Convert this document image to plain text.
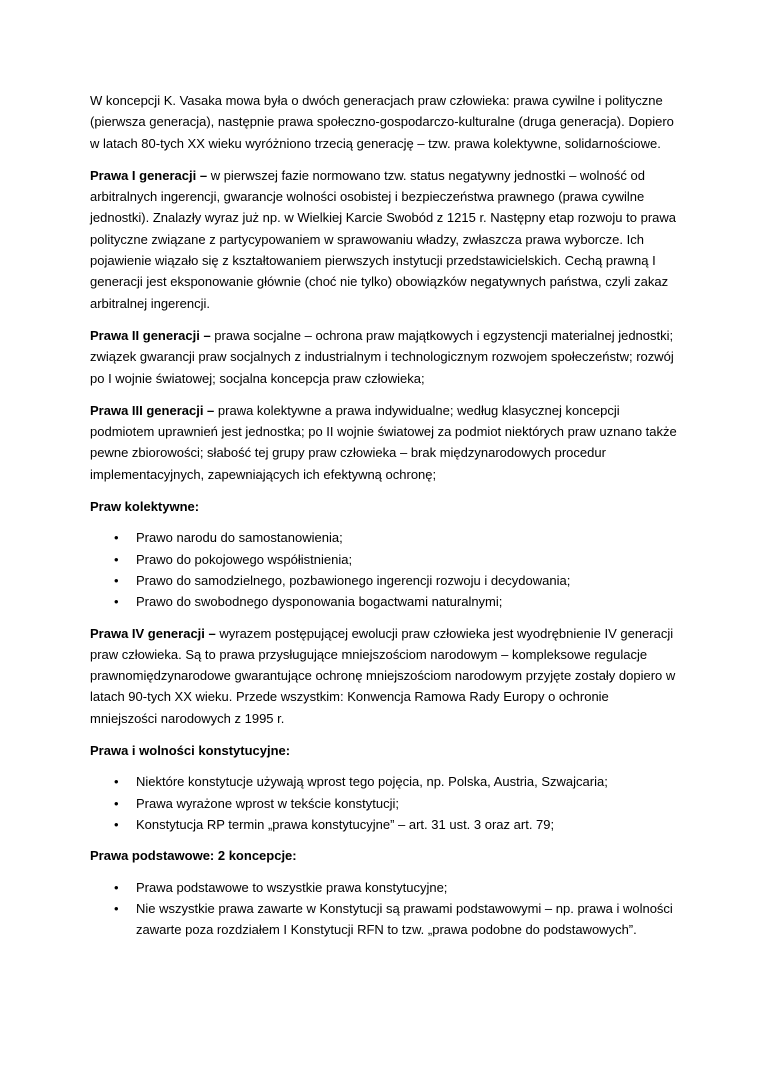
W koncepcji K. Vasaka mowa była o dwóch generacjach praw człowieka: prawa cywilne i polityczne (pierwsza generacja), następnie prawa społeczno-gospodarczo-kulturalne (druga generacja). Dopiero w latach 80-tych XX wieku wyróżniono trzecią generację – tzw. prawa kolektywne, solidarnościowe.

Prawa I generacji – w pierwszej fazie normowano tzw. status negatywny jednostki – wolność od arbitralnych ingerencji, gwarancje wolności osobistej i bezpieczeństwa prawnego (prawa cywilne jednostki). Znalazły wyraz już np. w Wielkiej Karcie Swobód z 1215 r. Następny etap rozwoju to prawa polityczne związane z partycypowaniem w sprawowaniu władzy, zwłaszcza prawa wyborcze. Ich pojawienie wiązało się z kształtowaniem pierwszych instytucji przedstawicielskich. Cechą prawną I generacji jest eksponowanie głównie (choć nie tylko) obowiązków negatywnych państwa, czyli zakaz arbitralnej ingerencji.

Prawa II generacji – prawa socjalne – ochrona praw majątkowych i egzystencji materialnej jednostki; związek gwarancji praw socjalnych z industrialnym i technologicznym rozwojem społeczeństw; rozwój po I wojnie światowej; socjalna koncepcja praw człowieka;

Prawa III generacji – prawa kolektywne a prawa indywidualne; według klasycznej koncepcji podmiotem uprawnień jest jednostka; po II wojnie światowej za podmiot niektórych praw uznano także pewne zbiorowości; słabość tej grupy praw człowieka – brak międzynarodowych procedur implementacyjnych, zapewniających ich efektywną ochronę;

Praw kolektywne:

• Prawo narodu do samostanowienia;
• Prawo do pokojowego współistnienia;
• Prawo do samodzielnego, pozbawionego ingerencji rozwoju i decydowania;
• Prawo do swobodnego dysponowania bogactwami naturalnymi;

Prawa IV generacji – wyrazem postępującej ewolucji praw człowieka jest wyodrębnienie IV generacji praw człowieka. Są to prawa przysługujące mniejszościom narodowym – kompleksowe regulacje prawnomiędzynarodowe gwarantujące ochronę mniejszościom narodowym przyjęte zostały dopiero w latach 90-tych XX wieku. Przede wszystkim: Konwencja Ramowa Rady Europy o ochronie mniejszości narodowych z 1995 r.

Prawa i wolności konstytucyjne:

• Niektóre konstytucje używają wprost tego pojęcia, np. Polska, Austria, Szwajcaria;
• Prawa wyrażone wprost w tekście konstytucji;
• Konstytucja RP termin „prawa konstytucyjne” – art. 31 ust. 3 oraz art. 79;

Prawa podstawowe: 2 koncepcje:

• Prawa podstawowe to wszystkie prawa konstytucyjne;
• Nie wszystkie prawa zawarte w Konstytucji są prawami podstawowymi – np. prawa i wolności zawarte poza rozdziałem I Konstytucji RFN to tzw. „prawa podobne do podstawowych”.
